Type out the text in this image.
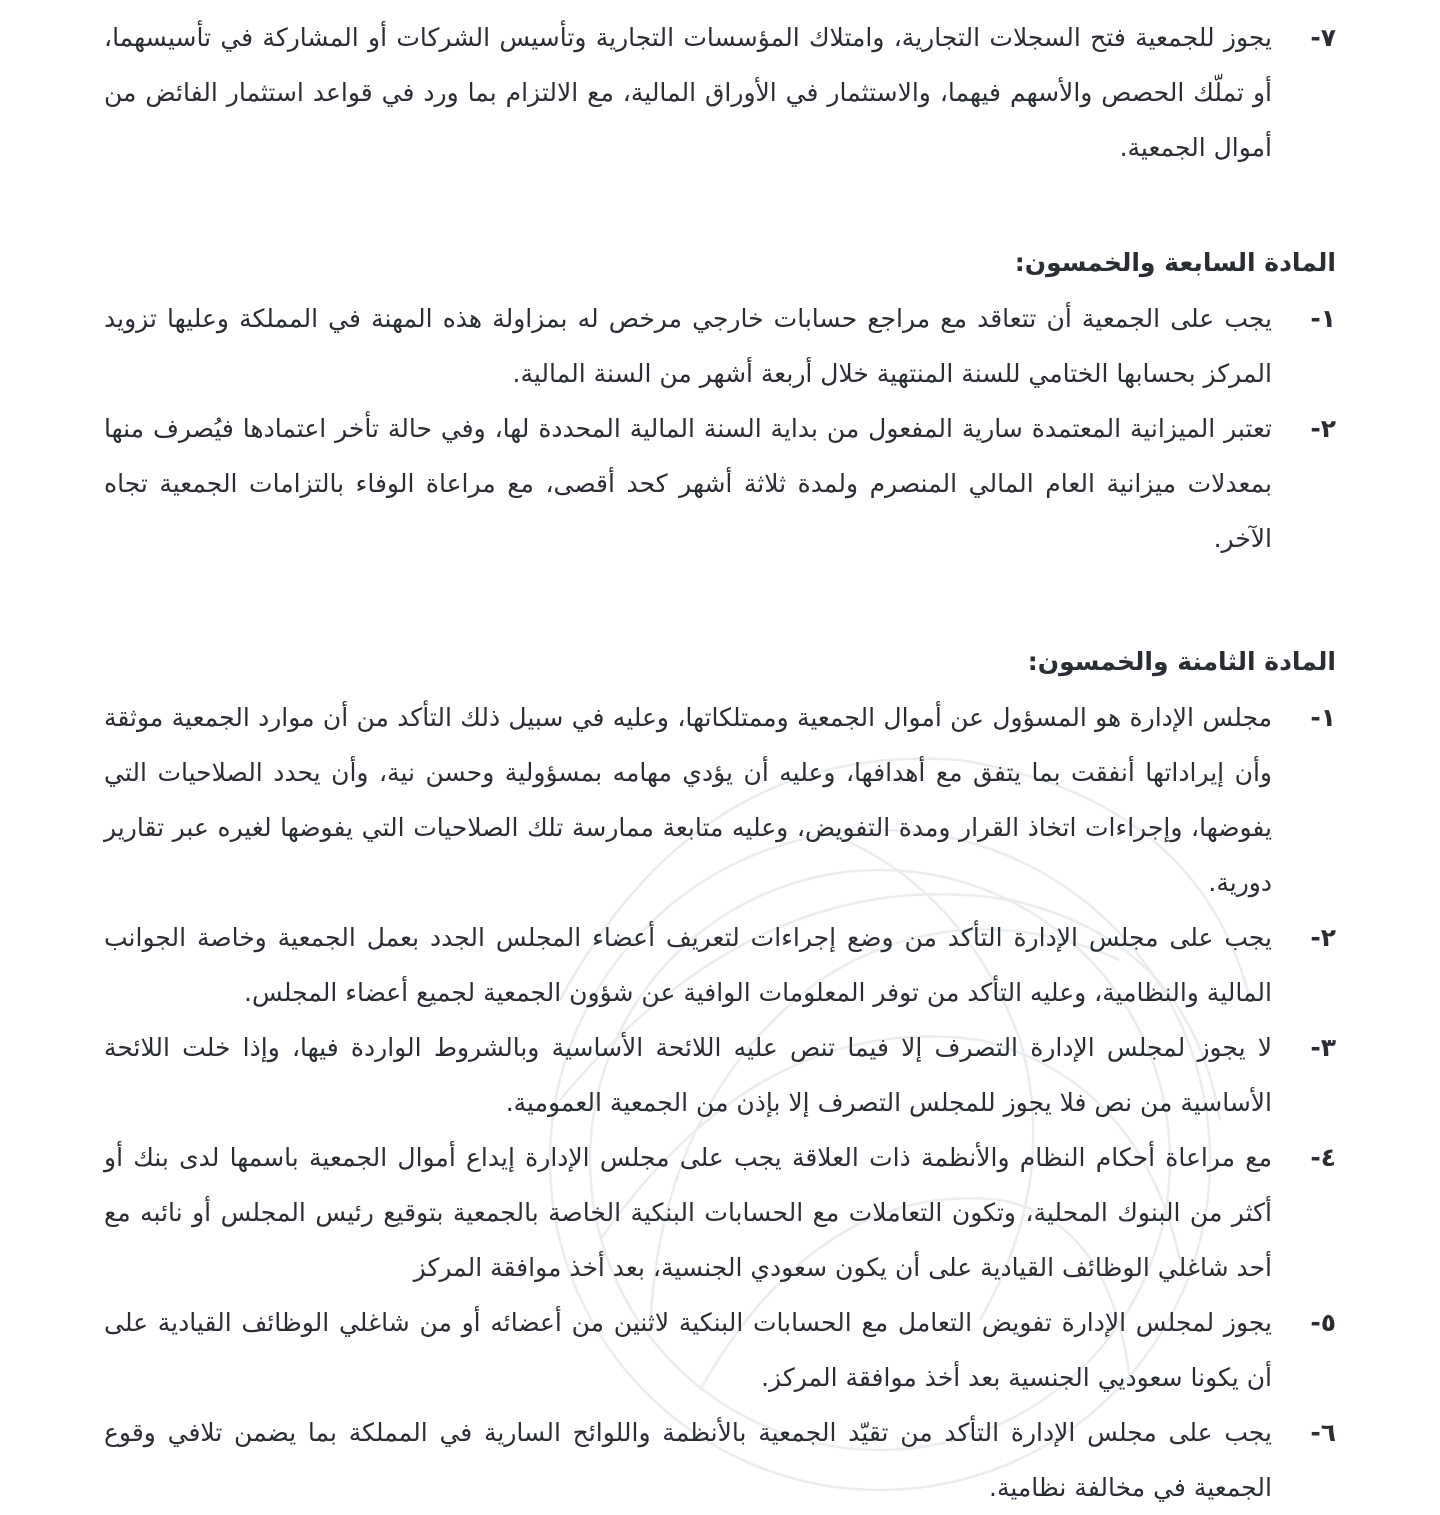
٧-
يجوز للجمعية فتح السجلات التجارية، وامتلاك المؤسسات التجارية وتأسيس الشركات أو المشاركة في تأسيسهما، أو تملّك الحصص والأسهم فيهما، والاستثمار في الأوراق المالية، مع الالتزام بما ورد في قواعد استثمار الفائض من أموال الجمعية.
المادة السابعة والخمسون:
١-
يجب على الجمعية أن تتعاقد مع مراجع حسابات خارجي مرخص له بمزاولة هذه المهنة في المملكة وعليها تزويد المركز بحسابها الختامي للسنة المنتهية خلال أربعة أشهر من السنة المالية.
٢-
تعتبر الميزانية المعتمدة سارية المفعول من بداية السنة المالية المحددة لها، وفي حالة تأخر اعتمادها فيُصرف منها بمعدلات ميزانية العام المالي المنصرم ولمدة ثلاثة أشهر كحد أقصى، مع مراعاة الوفاء بالتزامات الجمعية تجاه الآخر.
المادة الثامنة والخمسون:
١-
مجلس الإدارة هو المسؤول عن أموال الجمعية وممتلكاتها، وعليه في سبيل ذلك التأكد من أن موارد الجمعية موثقة وأن إيراداتها أنفقت بما يتفق مع أهدافها، وعليه أن يؤدي مهامه بمسؤولية وحسن نية، وأن يحدد الصلاحيات التي يفوضها، وإجراءات اتخاذ القرار ومدة التفويض، وعليه متابعة ممارسة تلك الصلاحيات التي يفوضها لغيره عبر تقارير دورية.
٢-
يجب على مجلس الإدارة التأكد من وضع إجراءات لتعريف أعضاء المجلس الجدد بعمل الجمعية وخاصة الجوانب المالية والنظامية، وعليه التأكد من توفر المعلومات الوافية عن شؤون الجمعية لجميع أعضاء المجلس.
٣-
لا يجوز لمجلس الإدارة التصرف إلا فيما تنص عليه اللائحة الأساسية وبالشروط الواردة فيها، وإذا خلت اللائحة الأساسية من نص فلا يجوز للمجلس التصرف إلا بإذن من الجمعية العمومية.
٤-
مع مراعاة أحكام النظام والأنظمة ذات العلاقة يجب على مجلس الإدارة إيداع أموال الجمعية باسمها لدى بنك أو أكثر من البنوك المحلية، وتكون التعاملات مع الحسابات البنكية الخاصة بالجمعية بتوقيع رئيس المجلس أو نائبه مع أحد شاغلي الوظائف القيادية على أن يكون سعودي الجنسية، بعد أخذ موافقة المركز
٥-
يجوز لمجلس الإدارة تفويض التعامل مع الحسابات البنكية لاثنين من أعضائه أو من شاغلي الوظائف القيادية على أن يكونا سعوديي الجنسية بعد أخذ موافقة المركز.
٦-
يجب على مجلس الإدارة التأكد من تقيّد الجمعية بالأنظمة واللوائح السارية في المملكة بما يضمن تلافي وقوع الجمعية في مخالفة نظامية.
